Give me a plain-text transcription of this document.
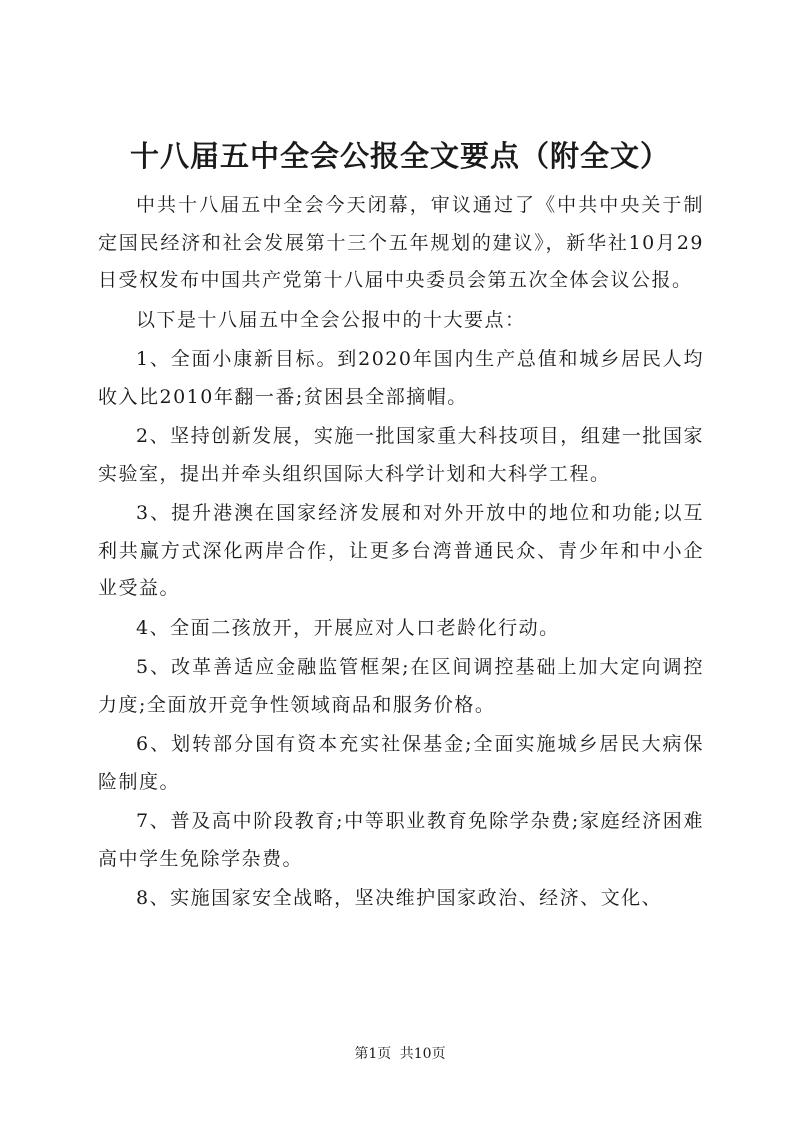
十八届五中全会公报全文要点（附全文）

中共十八届五中全会今天闭幕，审议通过了《中共中央关于制定国民经济和社会发展第十三个五年规划的建议》，新华社10月29日受权发布中国共产党第十八届中央委员会第五次全体会议公报。

以下是十八届五中全会公报中的十大要点：

1、全面小康新目标。到2020年国内生产总值和城乡居民人均收入比2010年翻一番;贫困县全部摘帽。

2、坚持创新发展，实施一批国家重大科技项目，组建一批国家实验室，提出并牵头组织国际大科学计划和大科学工程。

3、提升港澳在国家经济发展和对外开放中的地位和功能;以互利共赢方式深化两岸合作，让更多台湾普通民众、青少年和中小企业受益。

4、全面二孩放开，开展应对人口老龄化行动。

5、改革善适应金融监管框架;在区间调控基础上加大定向调控力度;全面放开竞争性领域商品和服务价格。

6、划转部分国有资本充实社保基金;全面实施城乡居民大病保险制度。

7、普及高中阶段教育;中等职业教育免除学杂费;家庭经济困难高中学生免除学杂费。

8、实施国家安全战略，坚决维护国家政治、经济、文化、

第1页 共10页
